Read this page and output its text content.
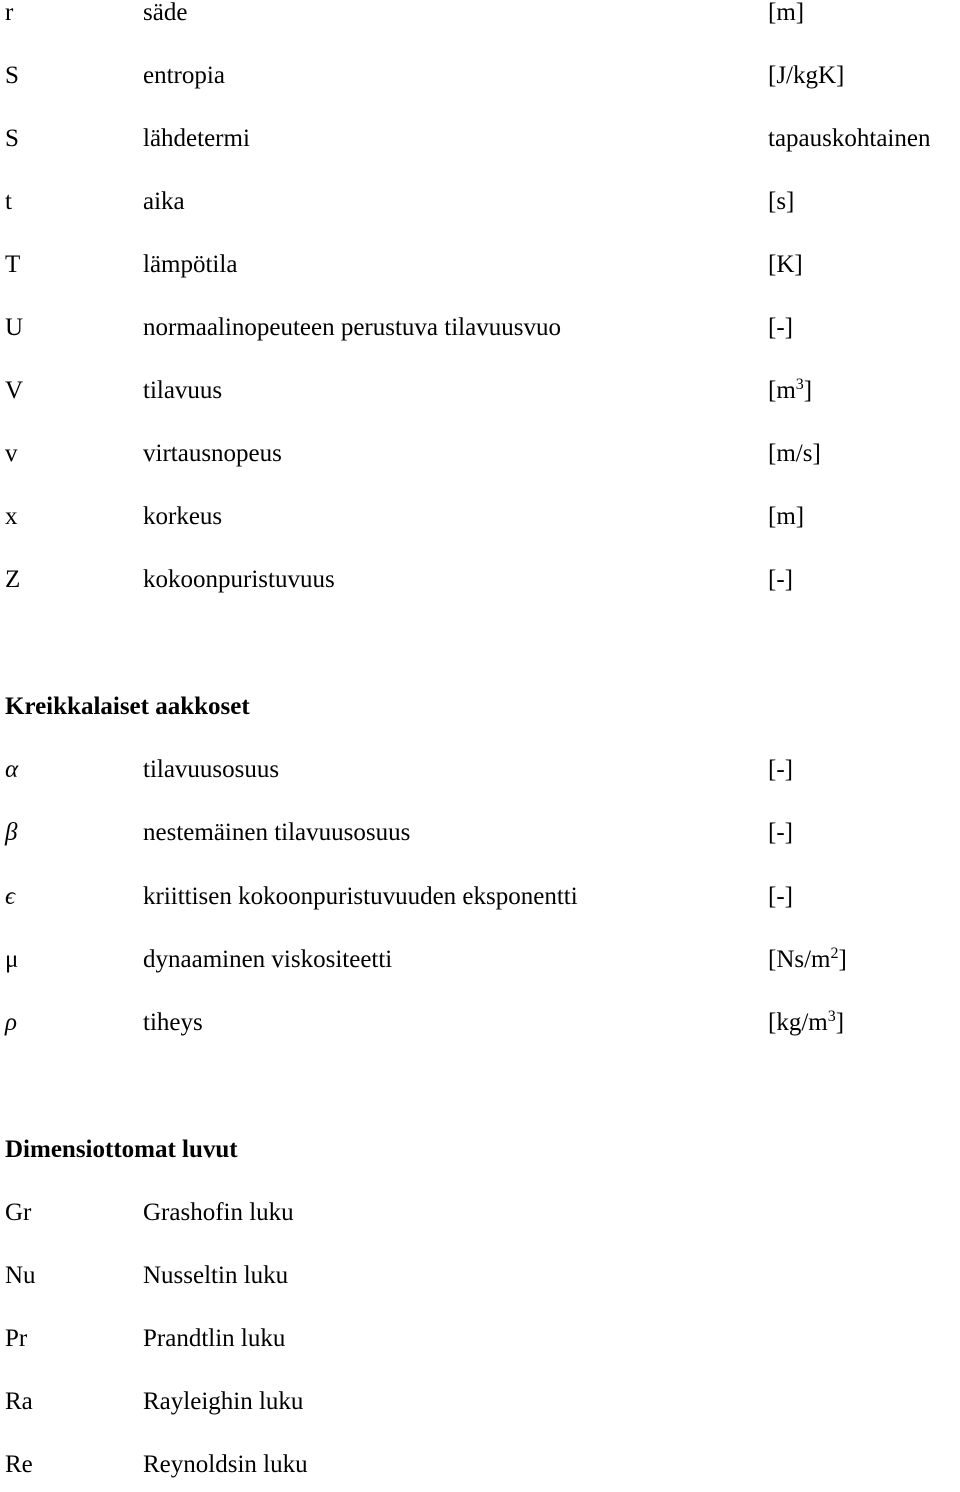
r	säde	[m]
S	entropia	[J/kgK]
S	lähdetermi	tapauskohtainen
t	aika	[s]
T	lämpötila	[K]
U	normaalinopeuteen perustuva tilavuusvuo	[-]
V	tilavuus	$[m^3]$
v	virtausnopeus	[m/s]
x	korkeus	[m]
Z	kokoonpuristuvuus	[-]
Kreikkalaiset aakkoset
α	tilavuusosuus	[-]
β	nestemäinen tilavuusosuus	[-]
ϵ	kriittisen kokoonpuristuvuuden eksponentti	[-]
μ	dynaaminen viskositeetti	$[Ns/m^2]$
ρ	tiheys	$[kg/m^3]$
Dimensiottomat luvut
Gr	Grashofin luku
Nu	Nusseltin luku
Pr	Prandtlin luku
Ra	Rayleighin luku
Re	Reynoldsin luku
